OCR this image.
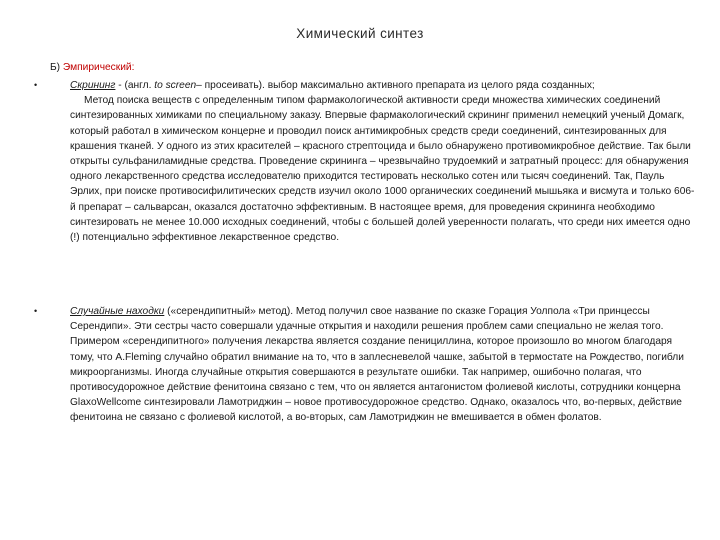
Химический синтез
Б) Эмпирический:
•	Скрининг - (англ. to screen– просеивать). выбор максимально активного препарата из целого ряда созданных;
Метод поиска веществ с определенным типом фармакологической активности среди множества химических соединений синтезированных химиками по специальному заказу. Впервые фармакологический скрининг применил немецкий ученый Домагк, который работал в химическом концерне и проводил поиск антимикробных средств среди соединений, синтезированных для крашения тканей. У одного из этих красителей – красного стрептоцида и было обнаружено противомикробное действие. Так были открыты сульфаниламидные средства. Проведение скрининга – чрезвычайно трудоемкий и затратный процесс: для обнаружения одного лекарственного средства исследователю приходится тестировать несколько сотен или тысяч соединений. Так, Пауль Эрлих, при поиске противосифилитических средств изучил около 1000 органических соединений мышьяка и висмута и только 606-й препарат – сальварсан, оказался достаточно эффективным. В настоящее время, для проведения скрининга необходимо синтезировать не менее 10.000 исходных соединений, чтобы с большей долей уверенности полагать, что среди них имеется одно (!) потенциально эффективное лекарственное средство.
•	Случайные находки («серендипитный» метод). Метод получил свое название по сказке Горация Уолпола «Три принцессы Серендипи». Эти сестры часто совершали удачные открытия и находили решения проблем сами специально не желая того. Примером «серендипитного» получения лекарства является создание пенициллина, которое произошло во многом благодаря тому, что A.Fleming случайно обратил внимание на то, что в заплесневелой чашке, забытой в термостате на Рождество, погибли микроорганизмы. Иногда случайные открытия совершаются в результате ошибки. Так например, ошибочно полагая, что противосудорожное действие фенитоина связано с тем, что он является антагонистом фолиевой кислоты, сотрудники концерна GlaxoWellcome синтезировали Ламотриджин – новое противосудорожное средство. Однако, оказалось что, во-первых, действие фенитоина не связано с фолиевой кислотой, а во-вторых, сам Ламотриджин не вмешивается в обмен фолатов.
